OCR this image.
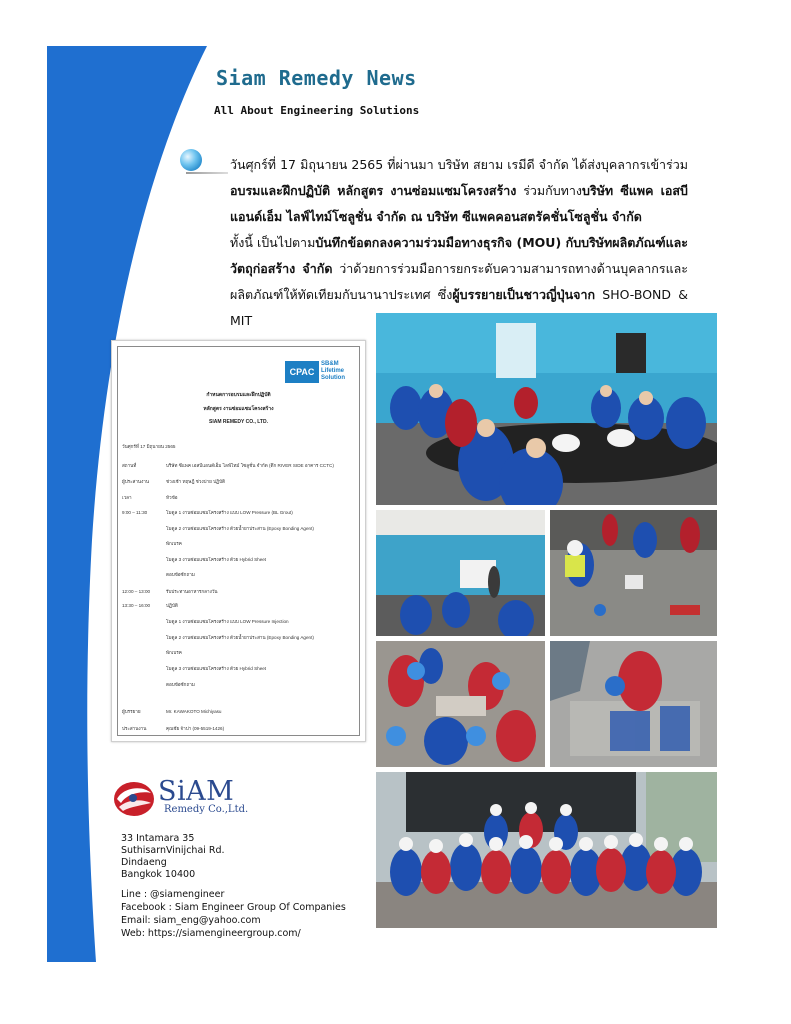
Siam Remedy News
All About Engineering Solutions

วันศุกร์ที่ 17 มิถุนายน 2565 ที่ผ่านมา บริษัท สยาม เรมีดี จำกัด ได้ส่งบุคลากรเข้าร่วมอบรมและฝึกปฏิบัติ หลักสูตร งานซ่อมแซมโครงสร้าง ร่วมกับทางบริษัท ซีแพค เอสบี แอนด์เอ็ม ไลฟ์ไทม์โซลูชั่น จำกัด ณ บริษัท ซีแพคคอนสตรัคชั่นโซลูชั่น จำกัด

ทั้งนี้ เป็นไปตามบันทึกข้อตกลงความร่วมมือทางธุรกิจ (MOU) กับบริษัทผลิตภัณฑ์และวัตถุก่อสร้าง จำกัด ว่าด้วยการร่วมมือการยกระดับความสามารถทางด้านบุคลากรและผลิตภัณฑ์ให้ทัดเทียมกับนานาประเทศ ซึ่งผู้บรรยายเป็นชาวญี่ปุ่นจาก SHO-BOND & MIT

CPAC
SB&M Lifetime Solution
กำหนดการอบรมและฝึกปฏิบัติ
หลักสูตร งานซ่อมแซมโครงสร้าง
SIAM REMEDY CO., LTD.
วันศุกร์ที่ 17 มิถุนายน 2565
สถานที่	บริษัท ซีแพค เอสบีแอนด์เอ็ม ไลฟ์ไทม์ โซลูชั่น จำกัด (ตึก RIVER SIDE อาคาร CCTC)
ผู้ประสานงาน	ช่วงเช้า ทฤษฎี ช่วงบ่าย ปฏิบัติ
เวลา	หัวข้อ
9:00 – 11:30	โมดูล 1 งานซ่อมแซมโครงสร้าง แบบ LOW Pressure (BL Grout)
โมดูล 2 งานซ่อมแซมโครงสร้าง ด้วยน้ำยาประสาน (Epoxy Bonding Agent)
พักเบรค
โมดูล 3 งานซ่อมแซมโครงสร้าง ด้วย Hybrid Sheet
ตอบข้อซักถาม
12:00 – 13:00	รับประทานอาหารกลางวัน
13:30 – 16:00	ปฏิบัติ
โมดูล 1 งานซ่อมแซมโครงสร้าง แบบ LOW Pressure Injection
โมดูล 2 งานซ่อมแซมโครงสร้าง ด้วยน้ำยาประสาน (Epoxy Bonding Agent)
พักเบรค
โมดูล 3 งานซ่อมแซมโครงสร้าง ด้วย Hybrid Sheet
ตอบข้อซักถาม
ผู้บรรยาย	Mr. KAWAKOTO Michiyasu
ประสานงาน	คุณชัย จ้าปา (09-5519-1426)
SiAM
Remedy Co.,Ltd.
33 Intamara 35
SuthisarnVinijchai Rd.
Dindaeng
Bangkok 10400
Line : @siamengineer
Facebook : Siam Engineer Group Of Companies
Email: siam_eng@yahoo.com
Web: https://siamengineergroup.com/
